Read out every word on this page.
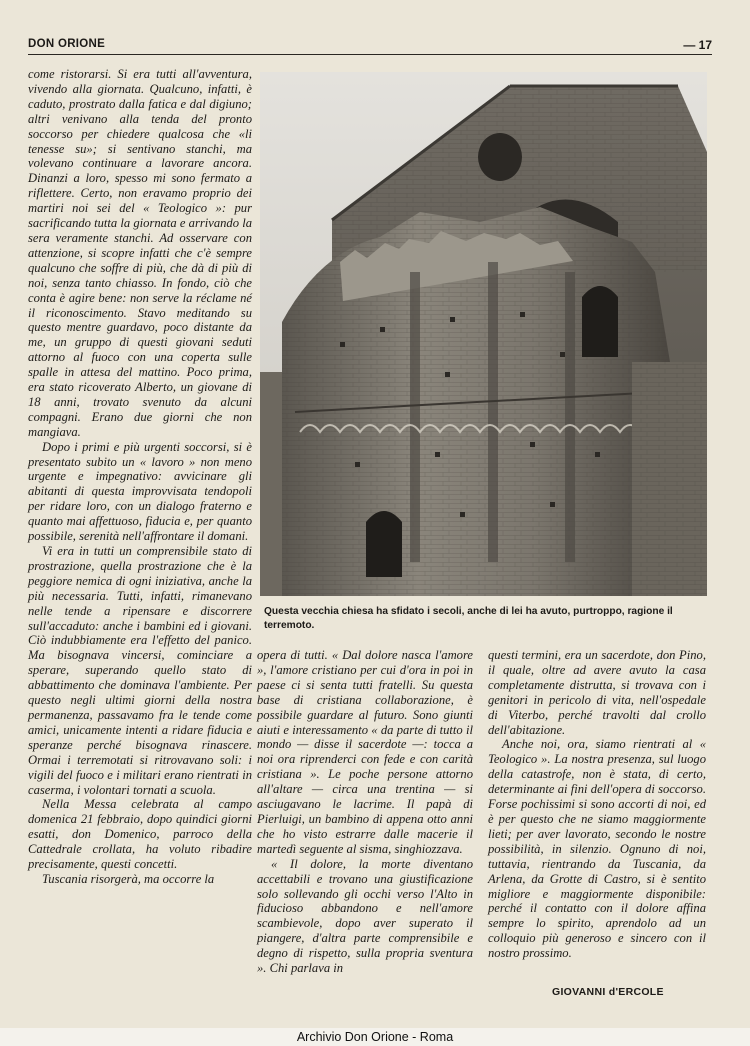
DON ORIONE	— 17

come ristorarsi. Si era tutti all'avventura, vivendo alla giornata. Qualcuno, infatti, è caduto, prostrato dalla fatica e dal digiuno; altri venivano alla tenda del pronto soccorso per chiedere qualcosa che «li tenesse su»; si sentivano stanchi, ma volevano continuare a lavorare ancora. Dinanzi a loro, spesso mi sono fermato a riflettere. Certo, non eravamo proprio dei martiri noi sei del « Teologico »: pur sacrificando tutta la giornata e arrivando la sera veramente stanchi. Ad osservare con attenzione, si scopre infatti che c'è sempre qualcuno che soffre di più, che dà di più di noi, senza tanto chiasso. In fondo, ciò che conta è agire bene: non serve la réclame né il riconoscimento. Stavo meditando su questo mentre guardavo, poco distante da me, un gruppo di questi giovani seduti attorno al fuoco con una coperta sulle spalle in attesa del mattino. Poco prima, era stato ricoverato Alberto, un giovane di 18 anni, trovato svenuto da alcuni compagni. Erano due giorni che non mangiava.

Dopo i primi e più urgenti soccorsi, si è presentato subito un « lavoro » non meno urgente e impegnativo: avvicinare gli abitanti di questa improvvisata tendopoli per ridare loro, con un dialogo fraterno e quanto mai affettuoso, fiducia e, per quanto possibile, serenità nell'affrontare il domani.

Vi era in tutti un comprensibile stato di prostrazione, quella prostrazione che è la peggiore nemica di ogni iniziativa, anche la più necessaria. Tutti, infatti, rimanevano nelle tende a ripensare e discorrere sull'accaduto: anche i bambini ed i giovani. Ciò indubbiamente era l'effetto del panico. Ma bisognava vincersi, cominciare a sperare, superando quello stato di abbattimento che dominava l'ambiente. Per questo negli ultimi giorni della nostra permanenza, passavamo fra le tende come amici, unicamente intenti a ridare fiducia e speranze perché bisognava rinascere. Ormai i terremotati si ritrovavano soli: i vigili del fuoco e i militari erano rientrati in caserma, i volontari tornati a scuola.

Nella Messa celebrata al campo domenica 21 febbraio, dopo quindici giorni esatti, don Domenico, parroco della Cattedrale crollata, ha voluto ribadire precisamente, questi concetti.

Tuscania risorgerà, ma occorre la

Questa vecchia chiesa ha sfidato i secoli, anche di lei ha avuto, purtroppo, ragione il terremoto.

opera di tutti. « Dal dolore nasca l'amore », l'amore cristiano per cui d'ora in poi in paese ci si senta tutti fratelli. Su questa base di cristiana collaborazione, è possibile guardare al futuro. Sono giunti aiuti e interessamento « da parte di tutto il mondo — disse il sacerdote —: tocca a noi ora riprenderci con fede e con carità cristiana ». Le poche persone attorno all'altare — circa una trentina — si asciugavano le lacrime. Il papà di Pierluigi, un bambino di appena otto anni che ho visto estrarre dalle macerie il martedì seguente al sisma, singhiozzava.

« Il dolore, la morte diventano accettabili e trovano una giustificazione solo sollevando gli occhi verso l'Alto in fiducioso abbandono e nell'amore scambievole, dopo aver superato il piangere, d'altra parte comprensibile e degno di rispetto, sulla propria sventura ». Chi parlava in

questi termini, era un sacerdote, don Pino, il quale, oltre ad avere avuto la casa completamente distrutta, si trovava con i genitori in pericolo di vita, nell'ospedale di Viterbo, perché travolti dal crollo dell'abitazione.

Anche noi, ora, siamo rientrati al « Teologico ». La nostra presenza, sul luogo della catastrofe, non è stata, di certo, determinante ai fini dell'opera di soccorso. Forse pochissimi si sono accorti di noi, ed è per questo che ne siamo maggiormente lieti; per aver lavorato, secondo le nostre possibilità, in silenzio. Ognuno di noi, tuttavia, rientrando da Tuscania, da Arlena, da Grotte di Castro, si è sentito migliore e maggiormente disponibile: perché il contatto con il dolore affina sempre lo spirito, aprendolo ad un colloquio più generoso e sincero con il nostro prossimo.

GIOVANNI d'ERCOLE
Archivio Don Orione - Roma
